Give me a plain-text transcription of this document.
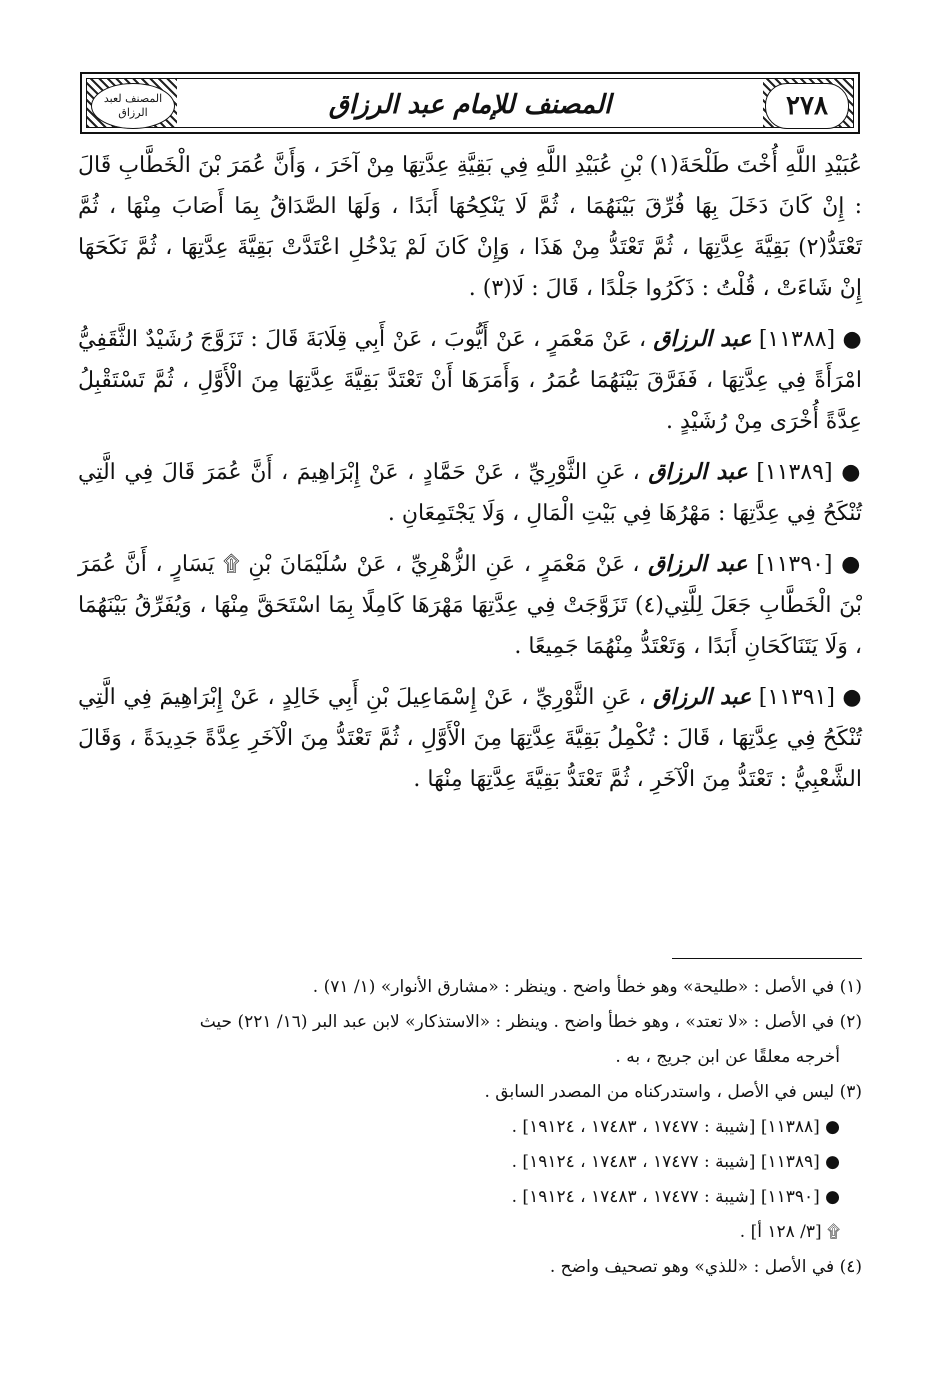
المصنف لعبد الرزاق	٢٧٨
المصنف للإمام عبد الرزاق

عُبَيْدِ اللَّهِ أُخْتَ طَلْحَةَ(١) بْنِ عُبَيْدِ اللَّهِ فِي بَقِيَّةِ عِدَّتِهَا مِنْ آخَرَ ، وَأَنَّ عُمَرَ بْنَ الْخَطَّابِ قَالَ : إِنْ كَانَ دَخَلَ بِهَا فُرِّقَ بَيْنَهُمَا ، ثُمَّ لَا يَنْكِحُهَا أَبَدًا ، وَلَهَا الصَّدَاقُ بِمَا أَصَابَ مِنْهَا ، ثُمَّ تَعْتَدُّ(٢) بَقِيَّةَ عِدَّتِهَا ، ثُمَّ تَعْتَدُّ مِنْ هَذَا ، وَإِنْ كَانَ لَمْ يَدْخُلِ اعْتَدَّتْ بَقِيَّةَ عِدَّتِهَا ، ثُمَّ نَكَحَهَا إِنْ شَاءَتْ ، قُلْتُ : ذَكَرُوا جَلْدًا ، قَالَ : لَا(٣) .

● [١١٣٨٨] عبد الرزاق ، عَنْ مَعْمَرٍ ، عَنْ أَيُّوبَ ، عَنْ أَبِي قِلَابَةَ قَالَ : تَزَوَّجَ رُشَيْدٌ الثَّقَفِيُّ امْرَأَةً فِي عِدَّتِهَا ، فَفَرَّقَ بَيْنَهُمَا عُمَرُ ، وَأَمَرَهَا أَنْ تَعْتَدَّ بَقِيَّةَ عِدَّتِهَا مِنَ الْأَوَّلِ ، ثُمَّ تَسْتَقْبِلُ عِدَّةً أُخْرَى مِنْ رُشَيْدٍ .

● [١١٣٨٩] عبد الرزاق ، عَنِ الثَّوْرِيِّ ، عَنْ حَمَّادٍ ، عَنْ إِبْرَاهِيمَ ، أَنَّ عُمَرَ قَالَ فِي الَّتِي تُنْكَحُ فِي عِدَّتِهَا : مَهْرُهَا فِي بَيْتِ الْمَالِ ، وَلَا يَجْتَمِعَانِ .

● [١١٣٩٠] عبد الرزاق ، عَنْ مَعْمَرٍ ، عَنِ الزُّهْرِيِّ ، عَنْ سُلَيْمَانَ بْنِ ۩ يَسَارٍ ، أَنَّ عُمَرَ بْنَ الْخَطَّابِ جَعَلَ لِلَّتِي(٤) تَزَوَّجَتْ فِي عِدَّتِهَا مَهْرَهَا كَامِلًا بِمَا اسْتَحَقَّ مِنْهَا ، وَيُفَرِّقُ بَيْنَهُمَا ، وَلَا يَتَنَاكَحَانِ أَبَدًا ، وَتَعْتَدُّ مِنْهُمَا جَمِيعًا .

● [١١٣٩١] عبد الرزاق ، عَنِ الثَّوْرِيِّ ، عَنْ إِسْمَاعِيلَ بْنِ أَبِي خَالِدٍ ، عَنْ إِبْرَاهِيمَ فِي الَّتِي تُنْكَحُ فِي عِدَّتِهَا ، قَالَ : تُكْمِلُ بَقِيَّةَ عِدَّتِهَا مِنَ الْأَوَّلِ ، ثُمَّ تَعْتَدُّ مِنَ الْآخَرِ عِدَّةً جَدِيدَةً ، وَقَالَ الشَّعْبِيُّ : تَعْتَدُّ مِنَ الْآخَرِ ، ثُمَّ تَعْتَدُّ بَقِيَّةَ عِدَّتِهَا مِنْهَا .

(١) في الأصل : «طليحة» وهو خطأ واضح . وينظر : «مشارق الأنوار» (١/ ٧١) .
(٢) في الأصل : «لا تعتد» ، وهو خطأ واضح . وينظر : «الاستذكار» لابن عبد البر (١٦/ ٢٢١) حيث
أخرجه معلقًا عن ابن جريج ، به .
(٣) ليس في الأصل ، واستدركناه من المصدر السابق .
● [١١٣٨٨] [شيبة : ١٧٤٧٧ ، ١٧٤٨٣ ، ١٩١٢٤] .
● [١١٣٨٩] [شيبة : ١٧٤٧٧ ، ١٧٤٨٣ ، ١٩١٢٤] .
● [١١٣٩٠] [شيبة : ١٧٤٧٧ ، ١٧٤٨٣ ، ١٩١٢٤] .
۩ [٣/ ١٢٨ أ] .
(٤) في الأصل : «للذي» وهو تصحيف واضح .
